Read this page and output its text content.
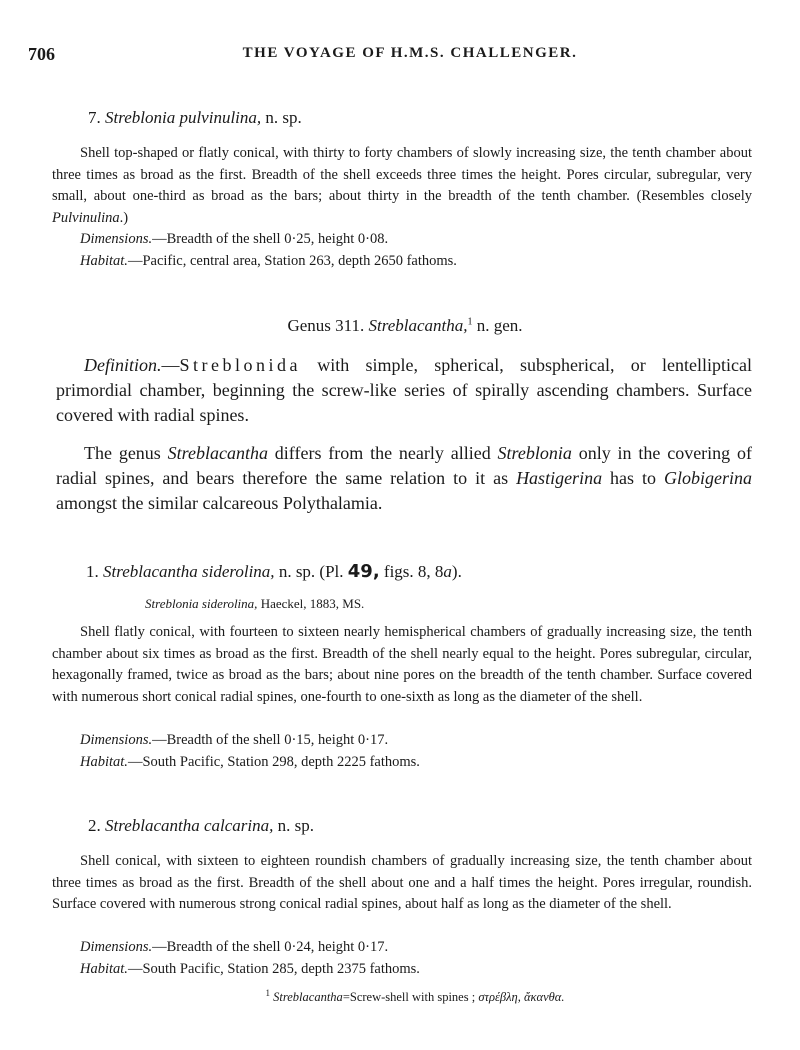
706	THE VOYAGE OF H.M.S. CHALLENGER.
7. Streblonia pulvinulina, n. sp.
Shell top-shaped or flatly conical, with thirty to forty chambers of slowly increasing size, the tenth chamber about three times as broad as the first. Breadth of the shell exceeds three times the height. Pores circular, subregular, very small, about one-third as broad as the bars; about thirty in the breadth of the tenth chamber. (Resembles closely Pulvinulina.)
Dimensions.—Breadth of the shell 0·25, height 0·08.
Habitat.—Pacific, central area, Station 263, depth 2650 fathoms.
Genus 311. Streblacantha,$^1$ n. gen.
Definition.—Streblonida with simple, spherical, subspherical, or lentelliptical primordial chamber, beginning the screw-like series of spirally ascending chambers. Surface covered with radial spines.
The genus Streblacantha differs from the nearly allied Streblonia only in the covering of radial spines, and bears therefore the same relation to it as Hastigerina has to Globigerina amongst the similar calcareous Polythalamia.
1. Streblacantha siderolina, n. sp. (Pl. 49, figs. 8, 8a).
Streblonia siderolina, Haeckel, 1883, MS.
Shell flatly conical, with fourteen to sixteen nearly hemispherical chambers of gradually increasing size, the tenth chamber about six times as broad as the first. Breadth of the shell nearly equal to the height. Pores subregular, circular, hexagonally framed, twice as broad as the bars; about nine pores on the breadth of the tenth chamber. Surface covered with numerous short conical radial spines, one-fourth to one-sixth as long as the diameter of the shell.
Dimensions.—Breadth of the shell 0·15, height 0·17.
Habitat.—South Pacific, Station 298, depth 2225 fathoms.
2. Streblacantha calcarina, n. sp.
Shell conical, with sixteen to eighteen roundish chambers of gradually increasing size, the tenth chamber about three times as broad as the first. Breadth of the shell about one and a half times the height. Pores irregular, roundish. Surface covered with numerous strong conical radial spines, about half as long as the diameter of the shell.
Dimensions.—Breadth of the shell 0·24, height 0·17.
Habitat.—South Pacific, Station 285, depth 2375 fathoms.
$^1$ Streblacantha=Screw-shell with spines ; στρέβλη, ἄκανθα.
